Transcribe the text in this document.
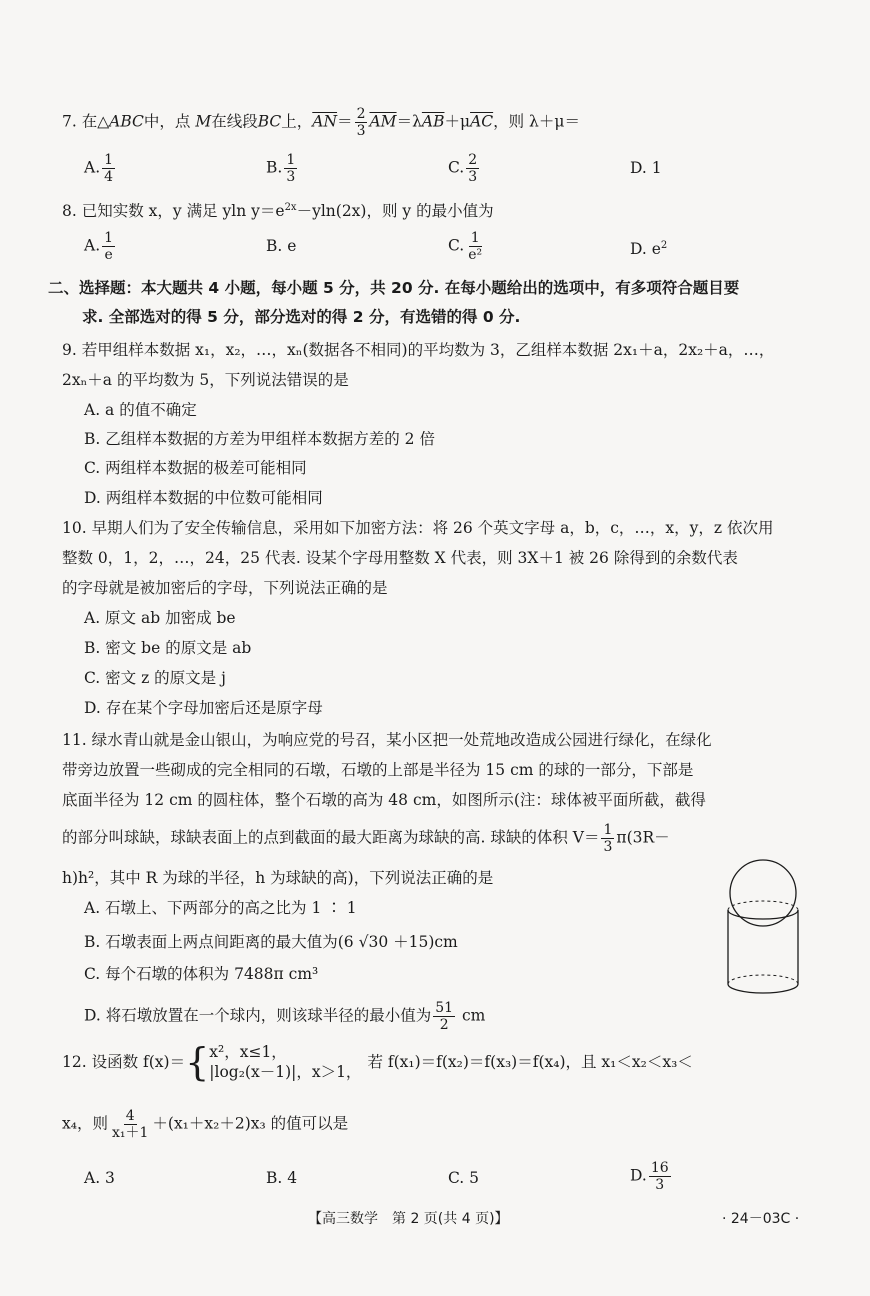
7. 在△ABC中，点 M在线段BC上，$\overline{AN}= \frac{2}{3} \overline{AM}=\lambda\overline{AB}+\mu\overline{AC}$，则 λ＋μ＝
A. $\frac{1}{4}$	B. $\frac{1}{3}$	C. $\frac{2}{3}$	D. 1
8. 已知实数 x，y 满足 yln $y=e^{2x}-yln(2x)$，则 y 的最小值为
A. $\frac{1}{e}$	B. e	C. $\frac{1}{\text{e²}}$	D. $e^2$
二、选择题：本大题共 4 小题，每小题 5 分，共 20 分. 在每小题给出的选项中，有多项符合题目要
求. 全部选对的得 5 分，部分选对的得 2 分，有选错的得 0 分.
9. 若甲组样本数据 x₁，x₂，…，xₙ(数据各不相同)的平均数为 3，乙组样本数据 2x₁＋a，2x₂＋a，…，
2xₙ＋a 的平均数为 5，下列说法错误的是
A. a 的值不确定
B. 乙组样本数据的方差为甲组样本数据方差的 2 倍
C. 两组样本数据的极差可能相同
D. 两组样本数据的中位数可能相同
10. 早期人们为了安全传输信息，采用如下加密方法：将 26 个英文字母 a，b，c，…，x，y，z 依次用
整数 0，1，2，…，24，25 代表. 设某个字母用整数 X 代表，则 3X＋1 被 26 除得到的余数代表
的字母就是被加密后的字母，下列说法正确的是
A. 原文 ab 加密成 be
B. 密文 be 的原文是 ab
C. 密文 z 的原文是 j
D. 存在某个字母加密后还是原字母
11. 绿水青山就是金山银山，为响应党的号召，某小区把一处荒地改造成公园进行绿化，在绿化
带旁边放置一些砌成的完全相同的石墩，石墩的上部是半径为 15 cm 的球的一部分，下部是
底面半径为 12 cm 的圆柱体，整个石墩的高为 48 cm，如图所示(注：球体被平面所截，截得
的部分叫球缺，球缺表面上的点到截面的最大距离为球缺的高. 球缺的体积 $V= \frac{1}{3} \pi(3R-$
h)h²，其中 R 为球的半径，h 为球缺的高)，下列说法正确的是
A. 石墩上、下两部分的高之比为 1 ∶ 1
B. 石墩表面上两点间距离的最大值为(6 √30 ＋15)cm
C. 每个石墩的体积为 7488π cm³
D. 将石墩放置在一个球内，则该球半径的最小值为 $\frac{51}{2}$ cm
12. 设函数 f(x)＝{ x²，x≤1，
|log₂(x－1)|，x＞1，
若 f(x₁)＝f(x₂)＝f(x₃)＝f(x₄)，且 x₁＜x₂＜x₃＜
x₄，则 $\frac{4}{\text{x₁＋1}} +(x_1+x_2+2)x_3$ 的值可以是
A. 3	B. 4	C. 5	D. $\frac{16}{3}$
【高三数学　第 2 页(共 4 页)】	· 24－03C ·
